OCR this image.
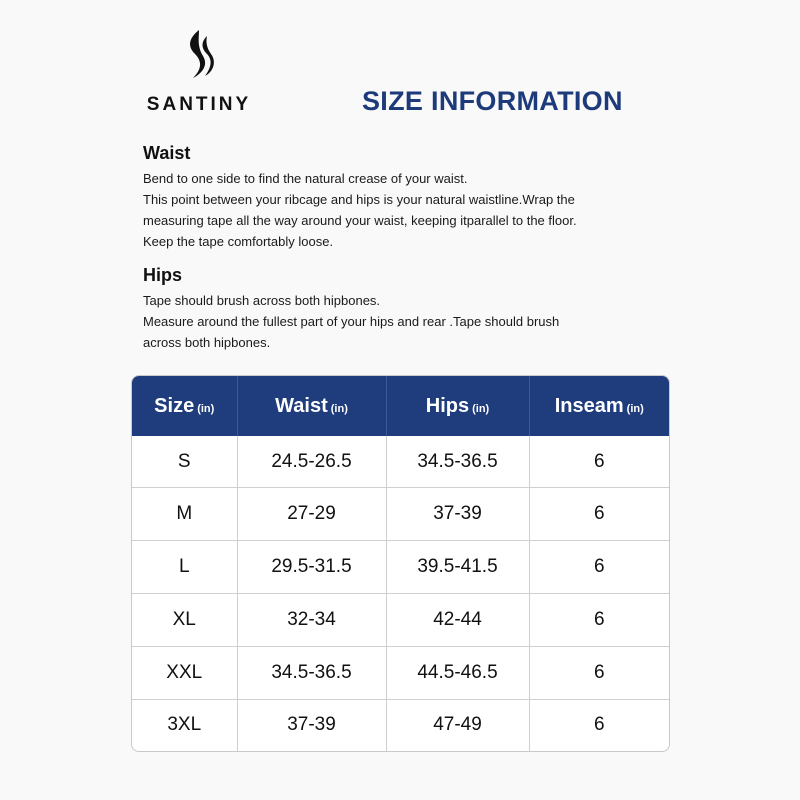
SANTINY	SIZE INFORMATION
Waist

Bend to one side to find the natural crease of your waist.

This point between your ribcage and hips is your natural waistline.Wrap the

measuring tape all the way around your waist, keeping itparallel to the floor.

Keep the tape comfortably loose.

Hips

Tape should brush across both hipbones.

Measure around the fullest part of your hips and rear .Tape should brush

across both hipbones.

Size (in)	Waist (in)	Hips (in)	Inseam (in)
S	24.5-26.5	34.5-36.5	6
M	27-29	37-39	6
L	29.5-31.5	39.5-41.5	6
XL	32-34	42-44	6
XXL	34.5-36.5	44.5-46.5	6
3XL	37-39	47-49	6
